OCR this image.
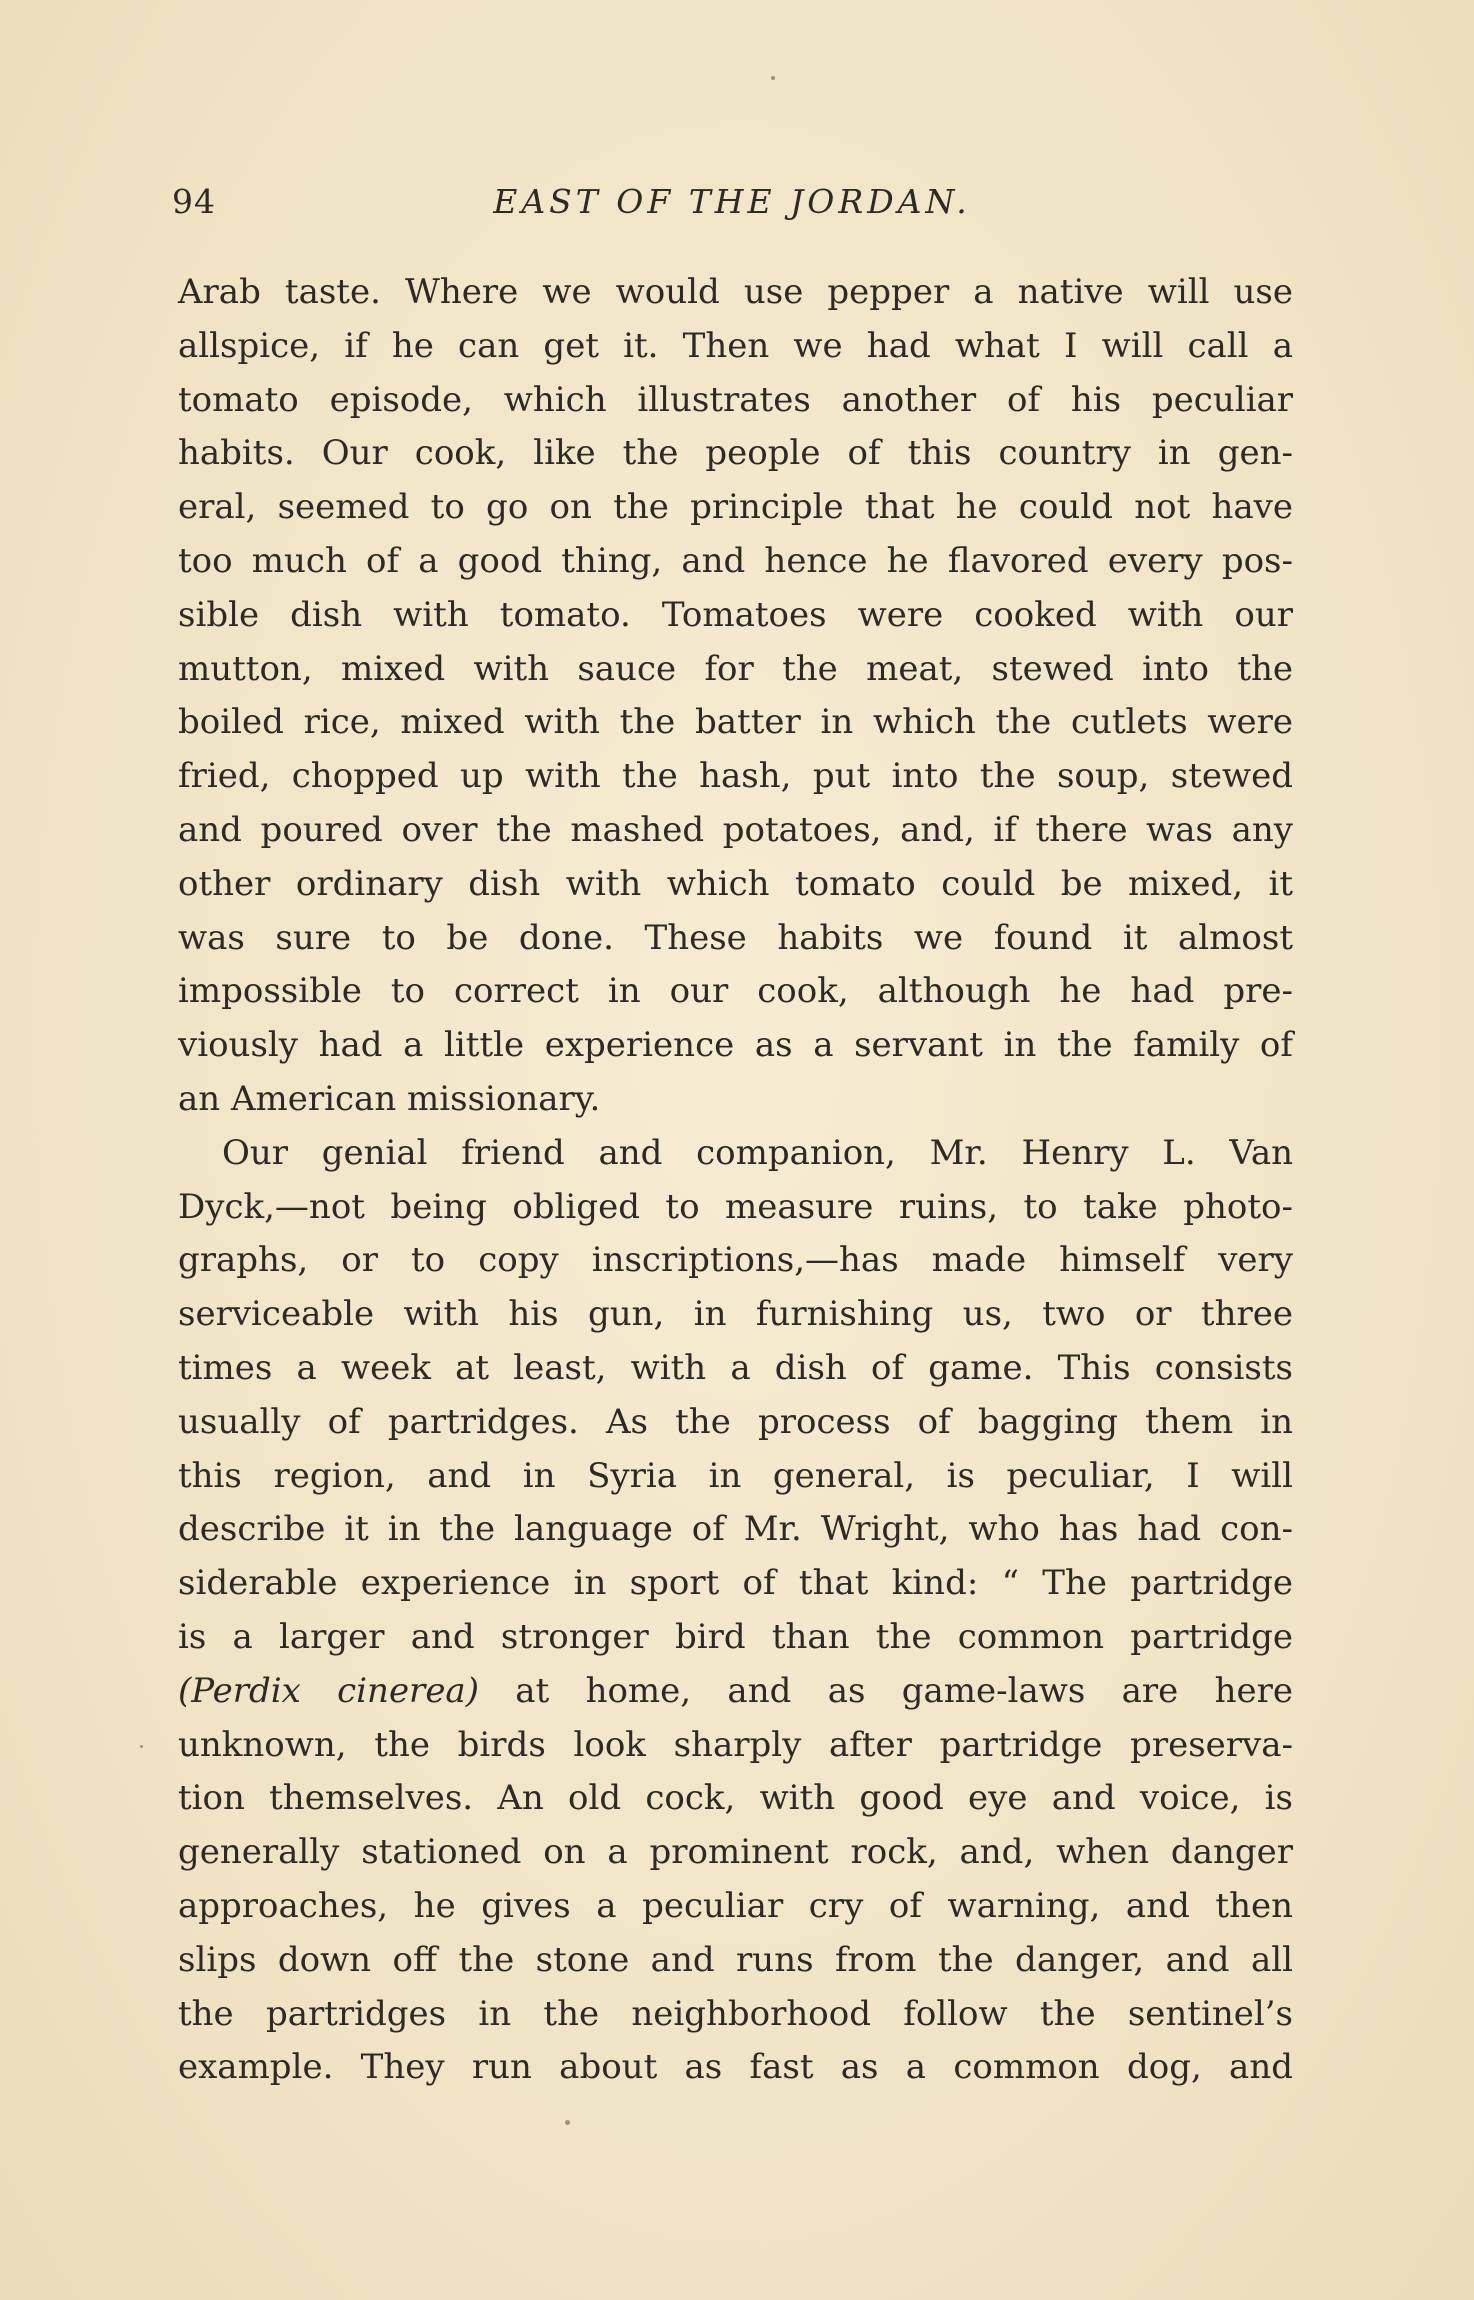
94	EAST OF THE JORDAN.
Arab taste. Where we would use pepper a native will use
allspice, if he can get it. Then we had what I will call a
tomato episode, which illustrates another of his peculiar
habits. Our cook, like the people of this country in gen-
eral, seemed to go on the principle that he could not have
too much of a good thing, and hence he flavored every pos-
sible dish with tomato. Tomatoes were cooked with our
mutton, mixed with sauce for the meat, stewed into the
boiled rice, mixed with the batter in which the cutlets were
fried, chopped up with the hash, put into the soup, stewed
and poured over the mashed potatoes, and, if there was any
other ordinary dish with which tomato could be mixed, it
was sure to be done. These habits we found it almost
impossible to correct in our cook, although he had pre-
viously had a little experience as a servant in the family of
an American missionary.
Our genial friend and companion, Mr. Henry L. Van
Dyck,—not being obliged to measure ruins, to take photo-
graphs, or to copy inscriptions,—has made himself very
serviceable with his gun, in furnishing us, two or three
times a week at least, with a dish of game. This consists
usually of partridges. As the process of bagging them in
this region, and in Syria in general, is peculiar, I will
describe it in the language of Mr. Wright, who has had con-
siderable experience in sport of that kind: “ The partridge
is a larger and stronger bird than the common partridge
(Perdix cinerea) at home, and as game-laws are here
unknown, the birds look sharply after partridge preserva-
tion themselves. An old cock, with good eye and voice, is
generally stationed on a prominent rock, and, when danger
approaches, he gives a peculiar cry of warning, and then
slips down off the stone and runs from the danger, and all
the partridges in the neighborhood follow the sentinel’s
example. They run about as fast as a common dog, and
